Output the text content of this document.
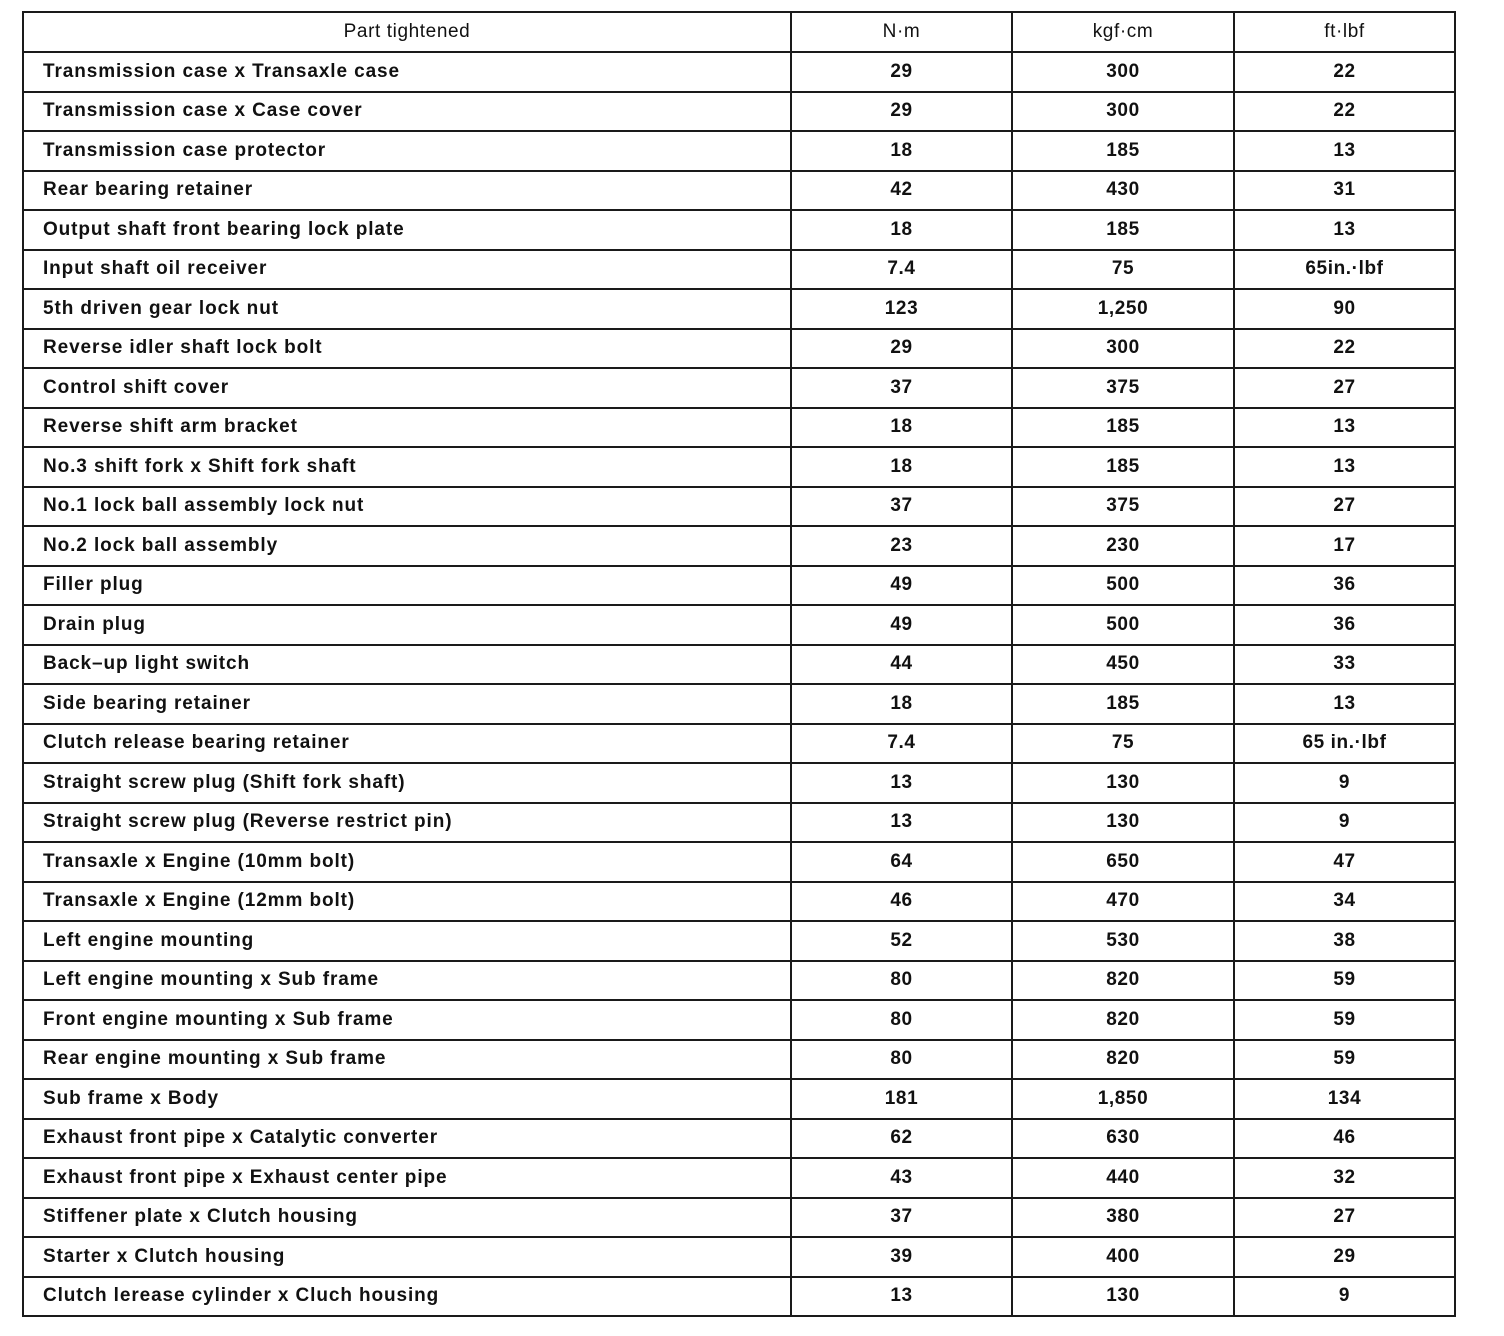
Part tightened	N·m	kgf·cm	ft·lbf
Transmission case x Transaxle case	29	300	22
Transmission case x Case cover	29	300	22
Transmission case protector	18	185	13
Rear bearing retainer	42	430	31
Output shaft front bearing lock plate	18	185	13
Input shaft oil receiver	7.4	75	65in.·lbf
5th driven gear lock nut	123	1,250	90
Reverse idler shaft lock bolt	29	300	22
Control shift cover	37	375	27
Reverse shift arm bracket	18	185	13
No.3 shift fork x Shift fork shaft	18	185	13
No.1 lock ball assembly lock nut	37	375	27
No.2 lock ball assembly	23	230	17
Filler plug	49	500	36
Drain plug	49	500	36
Back–up light switch	44	450	33
Side bearing retainer	18	185	13
Clutch release bearing retainer	7.4	75	65 in.·lbf
Straight screw plug (Shift fork shaft)	13	130	9
Straight screw plug (Reverse restrict pin)	13	130	9
Transaxle x Engine (10mm bolt)	64	650	47
Transaxle x Engine (12mm bolt)	46	470	34
Left engine mounting	52	530	38
Left engine mounting x Sub frame	80	820	59
Front engine mounting x Sub frame	80	820	59
Rear engine mounting x Sub frame	80	820	59
Sub frame x Body	181	1,850	134
Exhaust front pipe x Catalytic converter	62	630	46
Exhaust front pipe x Exhaust center pipe	43	440	32
Stiffener plate x Clutch housing	37	380	27
Starter x Clutch housing	39	400	29
Clutch lerease cylinder x Cluch housing	13	130	9
